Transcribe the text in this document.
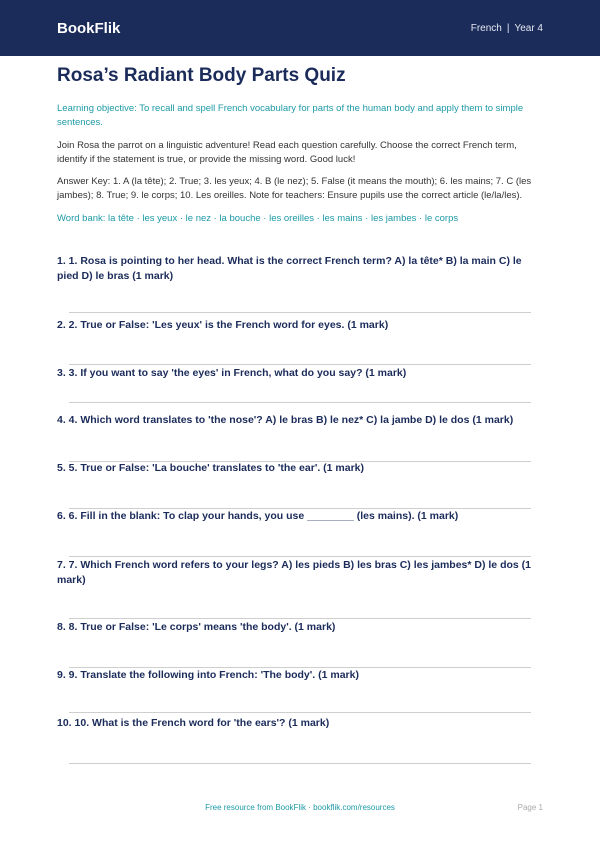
BookFlik	French | Year 4
Rosa’s Radiant Body Parts Quiz
Learning objective: To recall and spell French vocabulary for parts of the human body and apply them to simple sentences.
Join Rosa the parrot on a linguistic adventure! Read each question carefully. Choose the correct French term, identify if the statement is true, or provide the missing word. Good luck!
Answer Key: 1. A (la tête); 2. True; 3. les yeux; 4. B (le nez); 5. False (it means the mouth); 6. les mains; 7. C (les jambes); 8. True; 9. le corps; 10. Les oreilles. Note for teachers: Ensure pupils use the correct article (le/la/les).
Word bank: la tête · les yeux · le nez · la bouche · les oreilles · les mains · les jambes · le corps
1. 1. Rosa is pointing to her head. What is the correct French term? A) la tête* B) la main C) le pied D) le bras (1 mark)
2. 2. True or False: 'Les yeux' is the French word for eyes. (1 mark)
3. 3. If you want to say 'the eyes' in French, what do you say? (1 mark)
4. 4. Which word translates to 'the nose'? A) le bras B) le nez* C) la jambe D) le dos (1 mark)
5. 5. True or False: 'La bouche' translates to 'the ear'. (1 mark)
6. 6. Fill in the blank: To clap your hands, you use ________ (les mains). (1 mark)
7. 7. Which French word refers to your legs? A) les pieds B) les bras C) les jambes* D) le dos (1 mark)
8. 8. True or False: 'Le corps' means 'the body'. (1 mark)
9. 9. Translate the following into French: 'The body'. (1 mark)
10. 10. What is the French word for 'the ears'? (1 mark)
Free resource from BookFlik · bookflik.com/resources	Page 1
